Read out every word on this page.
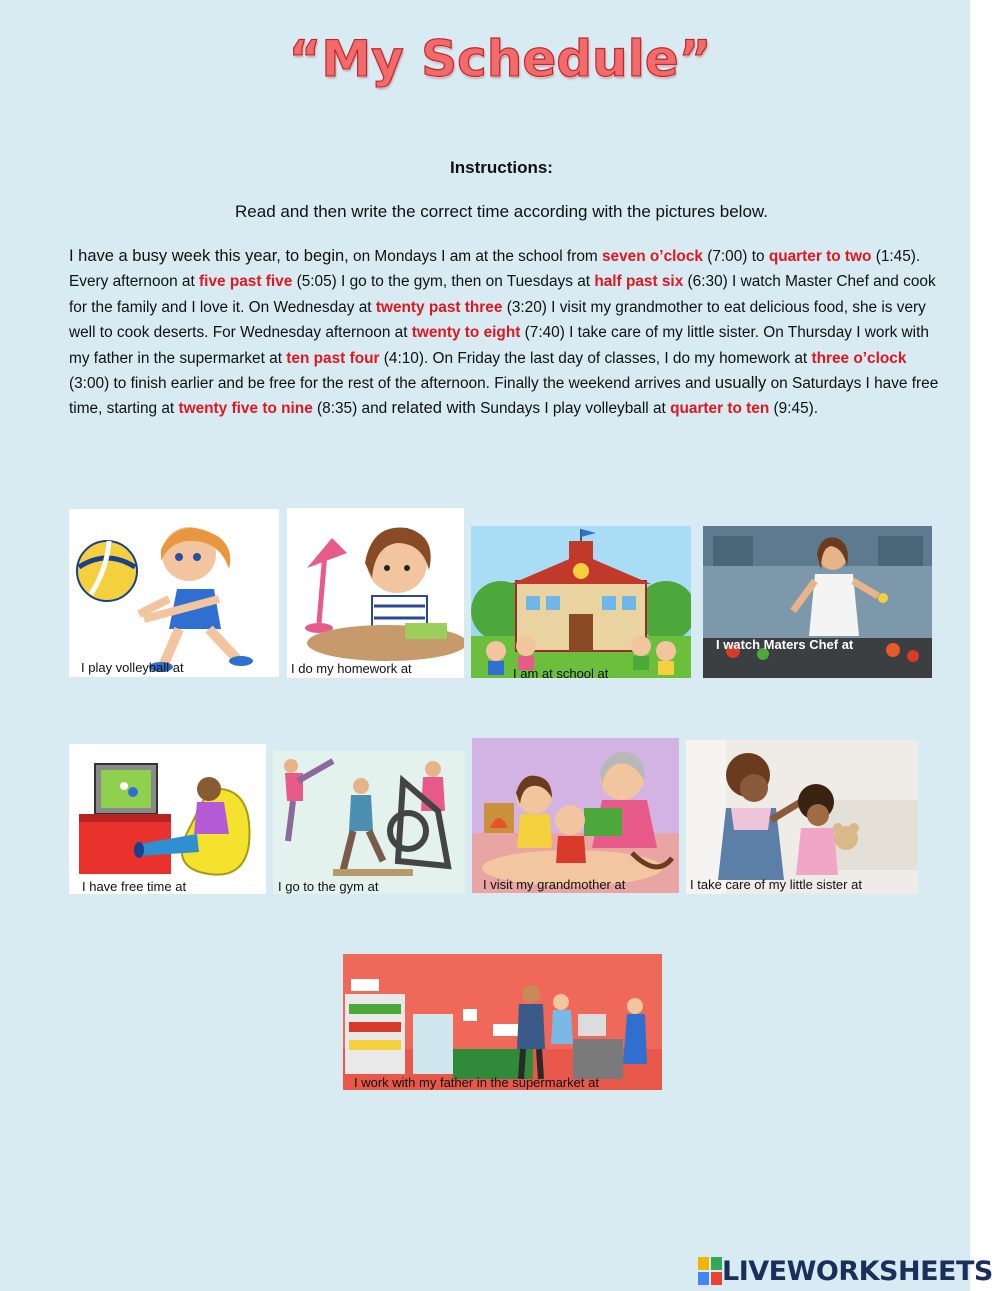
“My Schedule”
Instructions:
Read and then write the correct time according with the pictures below.
I have a busy week this year, to begin, on Mondays I am at the school from seven o’clock (7:00) to quarter to two (1:45). Every afternoon at five past five (5:05) I go to the gym, then on Tuesdays at half past six (6:30) I watch Master Chef and cook for the family and I love it. On Wednesday at twenty past three (3:20) I visit my grandmother to eat delicious food, she is very well to cook deserts. For Wednesday afternoon at twenty to eight (7:40) I take care of my little sister. On Thursday I work with my father in the supermarket at ten past four (4:10). On Friday the last day of classes, I do my homework at three o’clock (3:00) to finish earlier and be free for the rest of the afternoon. Finally the weekend arrives and usually on Saturdays I have free time, starting at twenty five to nine (8:35) and related with Sundays I play volleyball at quarter to ten (9:45).
I play volleyball at	I do my homework at	I am at school at
I watch Maters Chef at
I have free time at	I go to the gym at	I visit my grandmother at	I take care of my little sister at
I work with my father in the supermarket at
LIVEWORKSHEETS
